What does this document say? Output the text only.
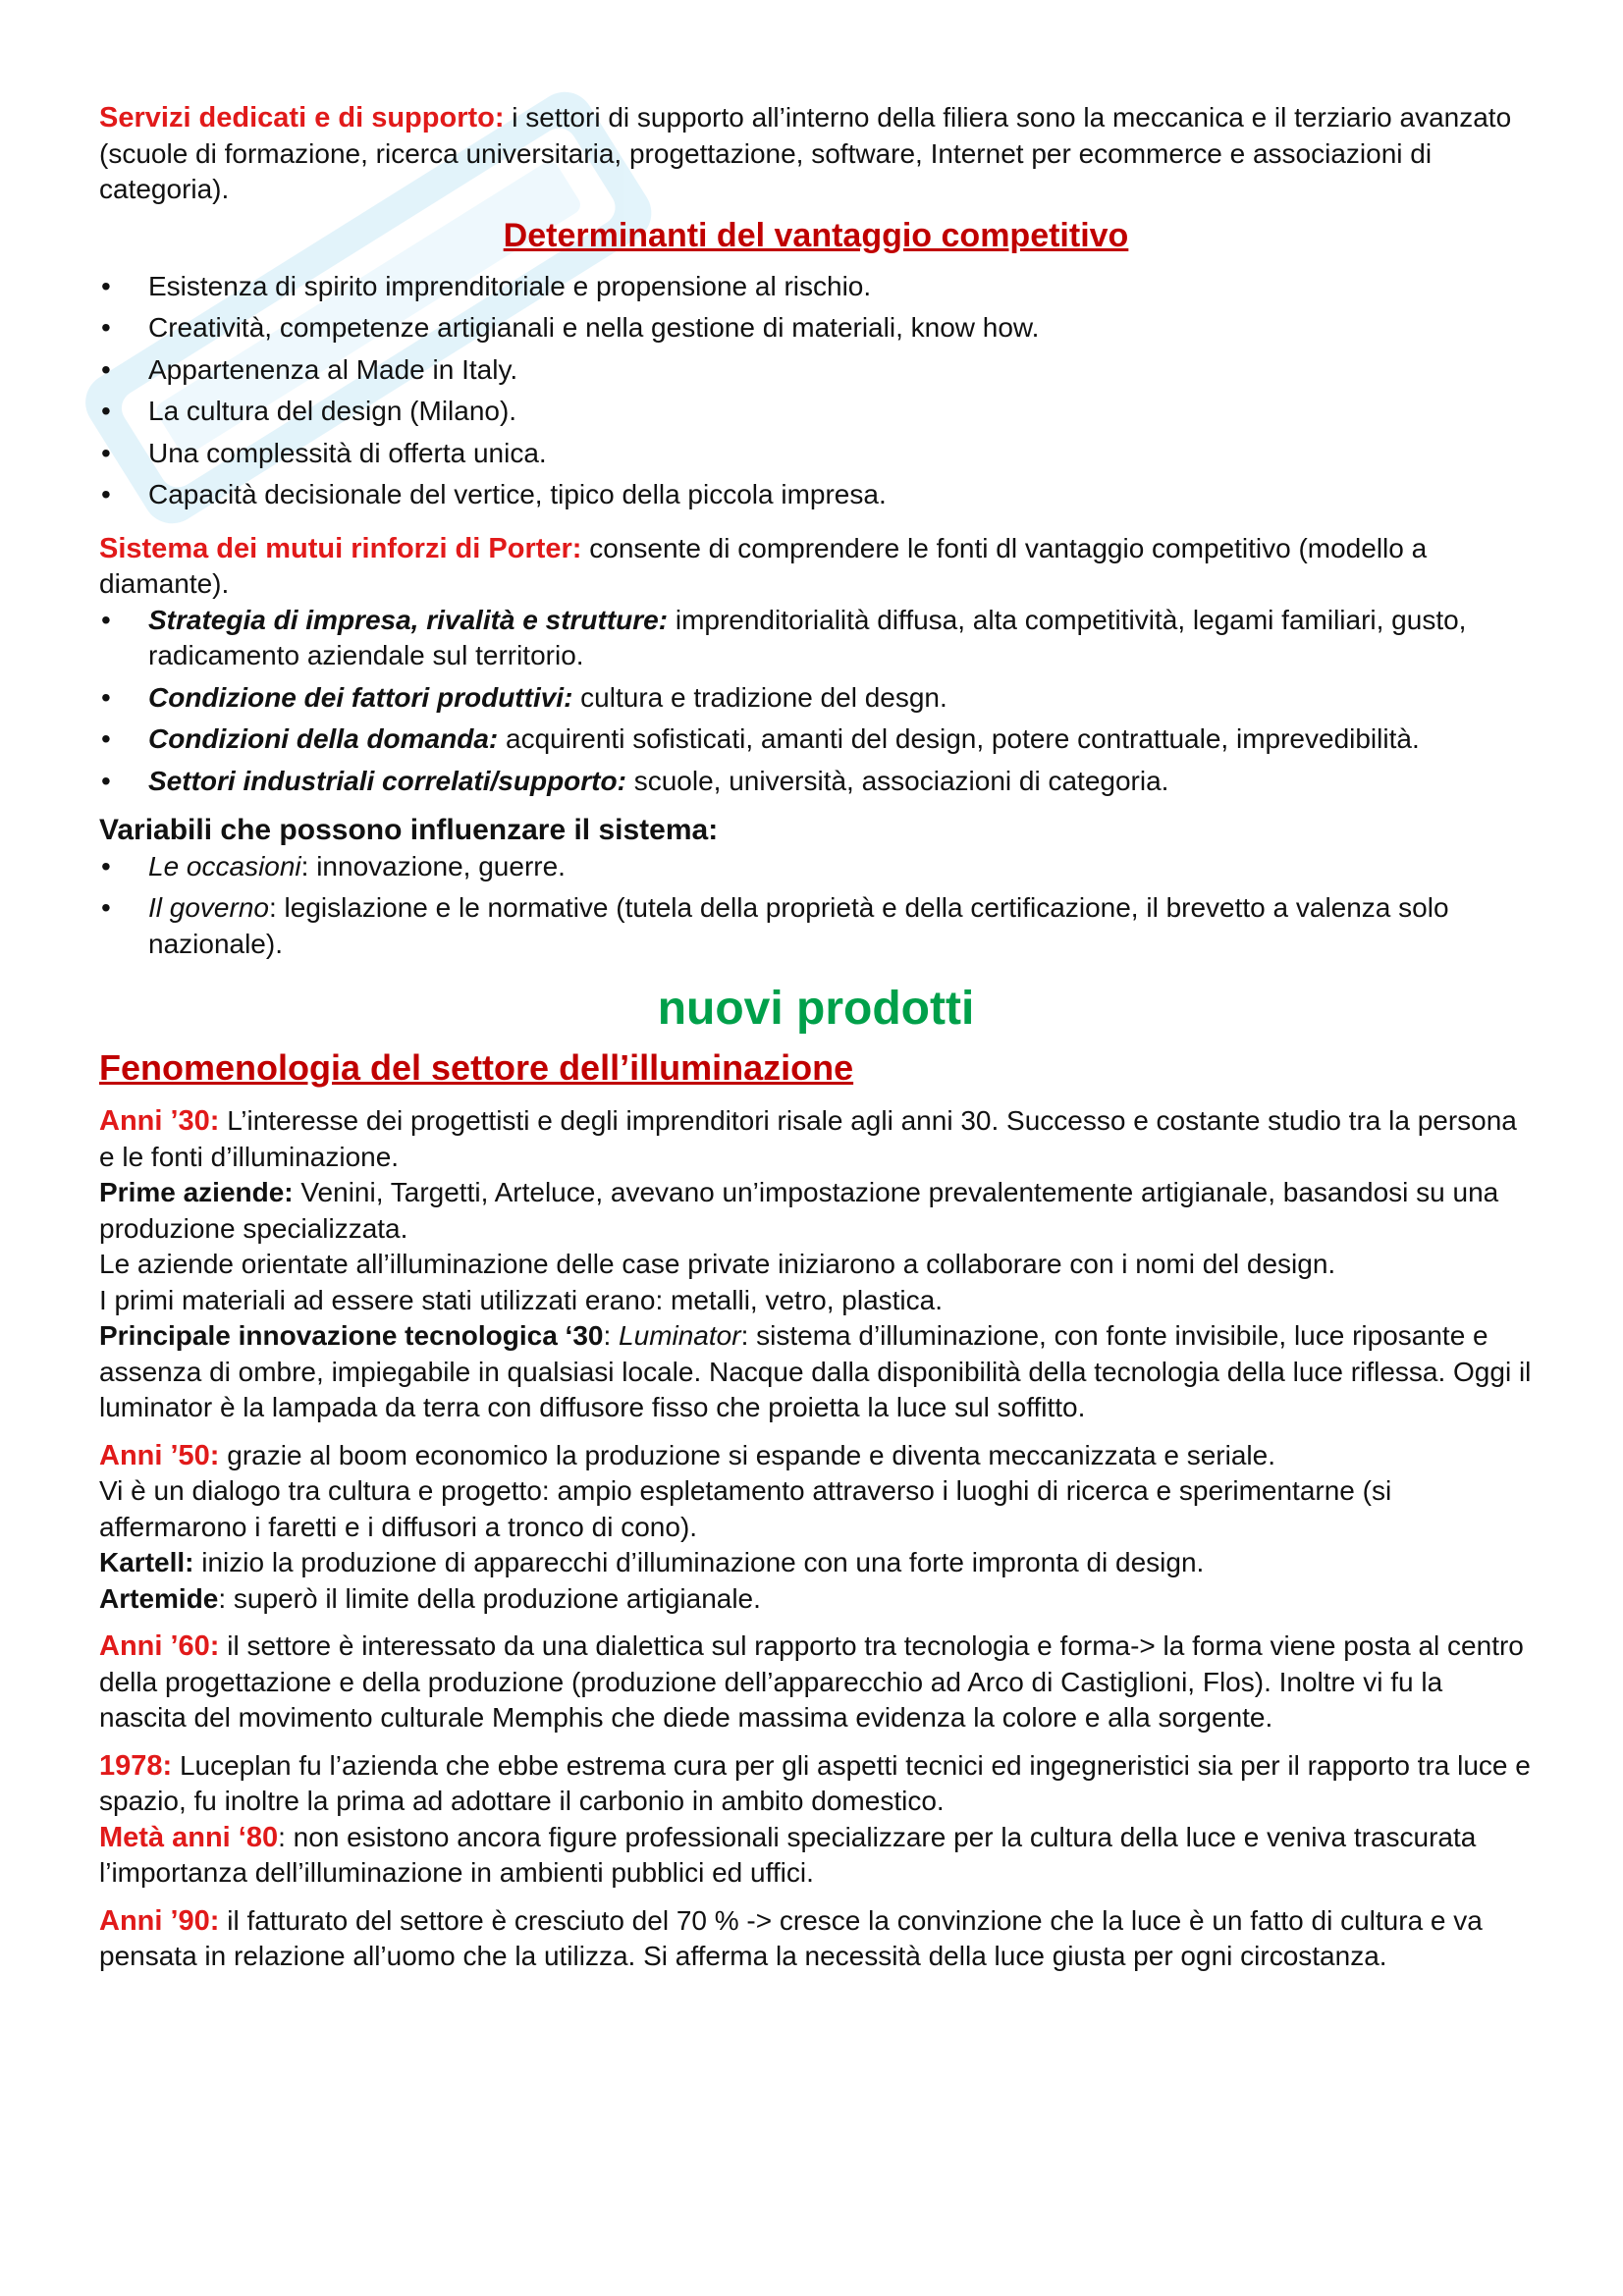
Servizi dedicati e di supporto: i settori di supporto all’interno della filiera sono la meccanica e il terziario avanzato (scuole di formazione, ricerca universitaria, progettazione, software, Internet per ecommerce e associazioni di categoria).

Determinanti del vantaggio competitivo
• Esistenza di spirito imprenditoriale e propensione al rischio.
• Creatività, competenze artigianali e nella gestione di materiali, know how.
• Appartenenza al Made in Italy.
• La cultura del design (Milano).
• Una complessità di offerta unica.
• Capacità decisionale del vertice, tipico della piccola impresa.

Sistema dei mutui rinforzi di Porter: consente di comprendere le fonti dl vantaggio competitivo (modello a diamante).

• Strategia di impresa, rivalità e strutture: imprenditorialità diffusa, alta competitività, legami familiari, gusto, radicamento aziendale sul territorio.
• Condizione dei fattori produttivi: cultura e tradizione del desgn.
• Condizioni della domanda: acquirenti sofisticati, amanti del design, potere contrattuale, imprevedibilità.
• Settori industriali correlati/supporto: scuole, università, associazioni di categoria.

Variabili che possono influenzare il sistema:

• Le occasioni: innovazione, guerre.
• Il governo: legislazione e le normative (tutela della proprietà e della certificazione, il brevetto a valenza solo nazionale).
nuovi prodotti
Fenomenologia del settore dell’illuminazione

Anni ’30: L’interesse dei progettisti e degli imprenditori risale agli anni 30. Successo e costante studio tra la persona e le fonti d’illuminazione.

Prime aziende: Venini, Targetti, Arteluce, avevano un’impostazione prevalentemente artigianale, basandosi su una produzione specializzata.

Le aziende orientate all’illuminazione delle case private iniziarono a collaborare con i nomi del design.

I primi materiali ad essere stati utilizzati erano: metalli, vetro, plastica.

Principale innovazione tecnologica ‘30: Luminator: sistema d’illuminazione, con fonte invisibile, luce riposante e assenza di ombre, impiegabile in qualsiasi locale. Nacque dalla disponibilità della tecnologia della luce riflessa. Oggi il luminator è la lampada da terra con diffusore fisso che proietta la luce sul soffitto.

Anni ’50: grazie al boom economico la produzione si espande e diventa meccanizzata e seriale.

Vi è un dialogo tra cultura e progetto: ampio espletamento attraverso i luoghi di ricerca e sperimentarne (si affermarono i faretti e i diffusori a tronco di cono).

Kartell: inizio la produzione di apparecchi d’illuminazione con una forte impronta di design.

Artemide: superò il limite della produzione artigianale.

Anni ’60: il settore è interessato da una dialettica sul rapporto tra tecnologia e forma-> la forma viene posta al centro della progettazione e della produzione (produzione dell’apparecchio ad Arco di Castiglioni, Flos). Inoltre vi fu la nascita del movimento culturale Memphis che diede massima evidenza la colore e alla sorgente.

1978: Luceplan fu l’azienda che ebbe estrema cura per gli aspetti tecnici ed ingegneristici sia per il rapporto tra luce e spazio, fu inoltre la prima ad adottare il carbonio in ambito domestico.

Metà anni ‘80: non esistono ancora figure professionali specializzare per la cultura della luce e veniva trascurata l’importanza dell’illuminazione in ambienti pubblici ed uffici.

Anni ’90: il fatturato del settore è cresciuto del 70 % -> cresce la convinzione che la luce è un fatto di cultura e va pensata in relazione all’uomo che la utilizza. Si afferma la necessità della luce giusta per ogni circostanza.
